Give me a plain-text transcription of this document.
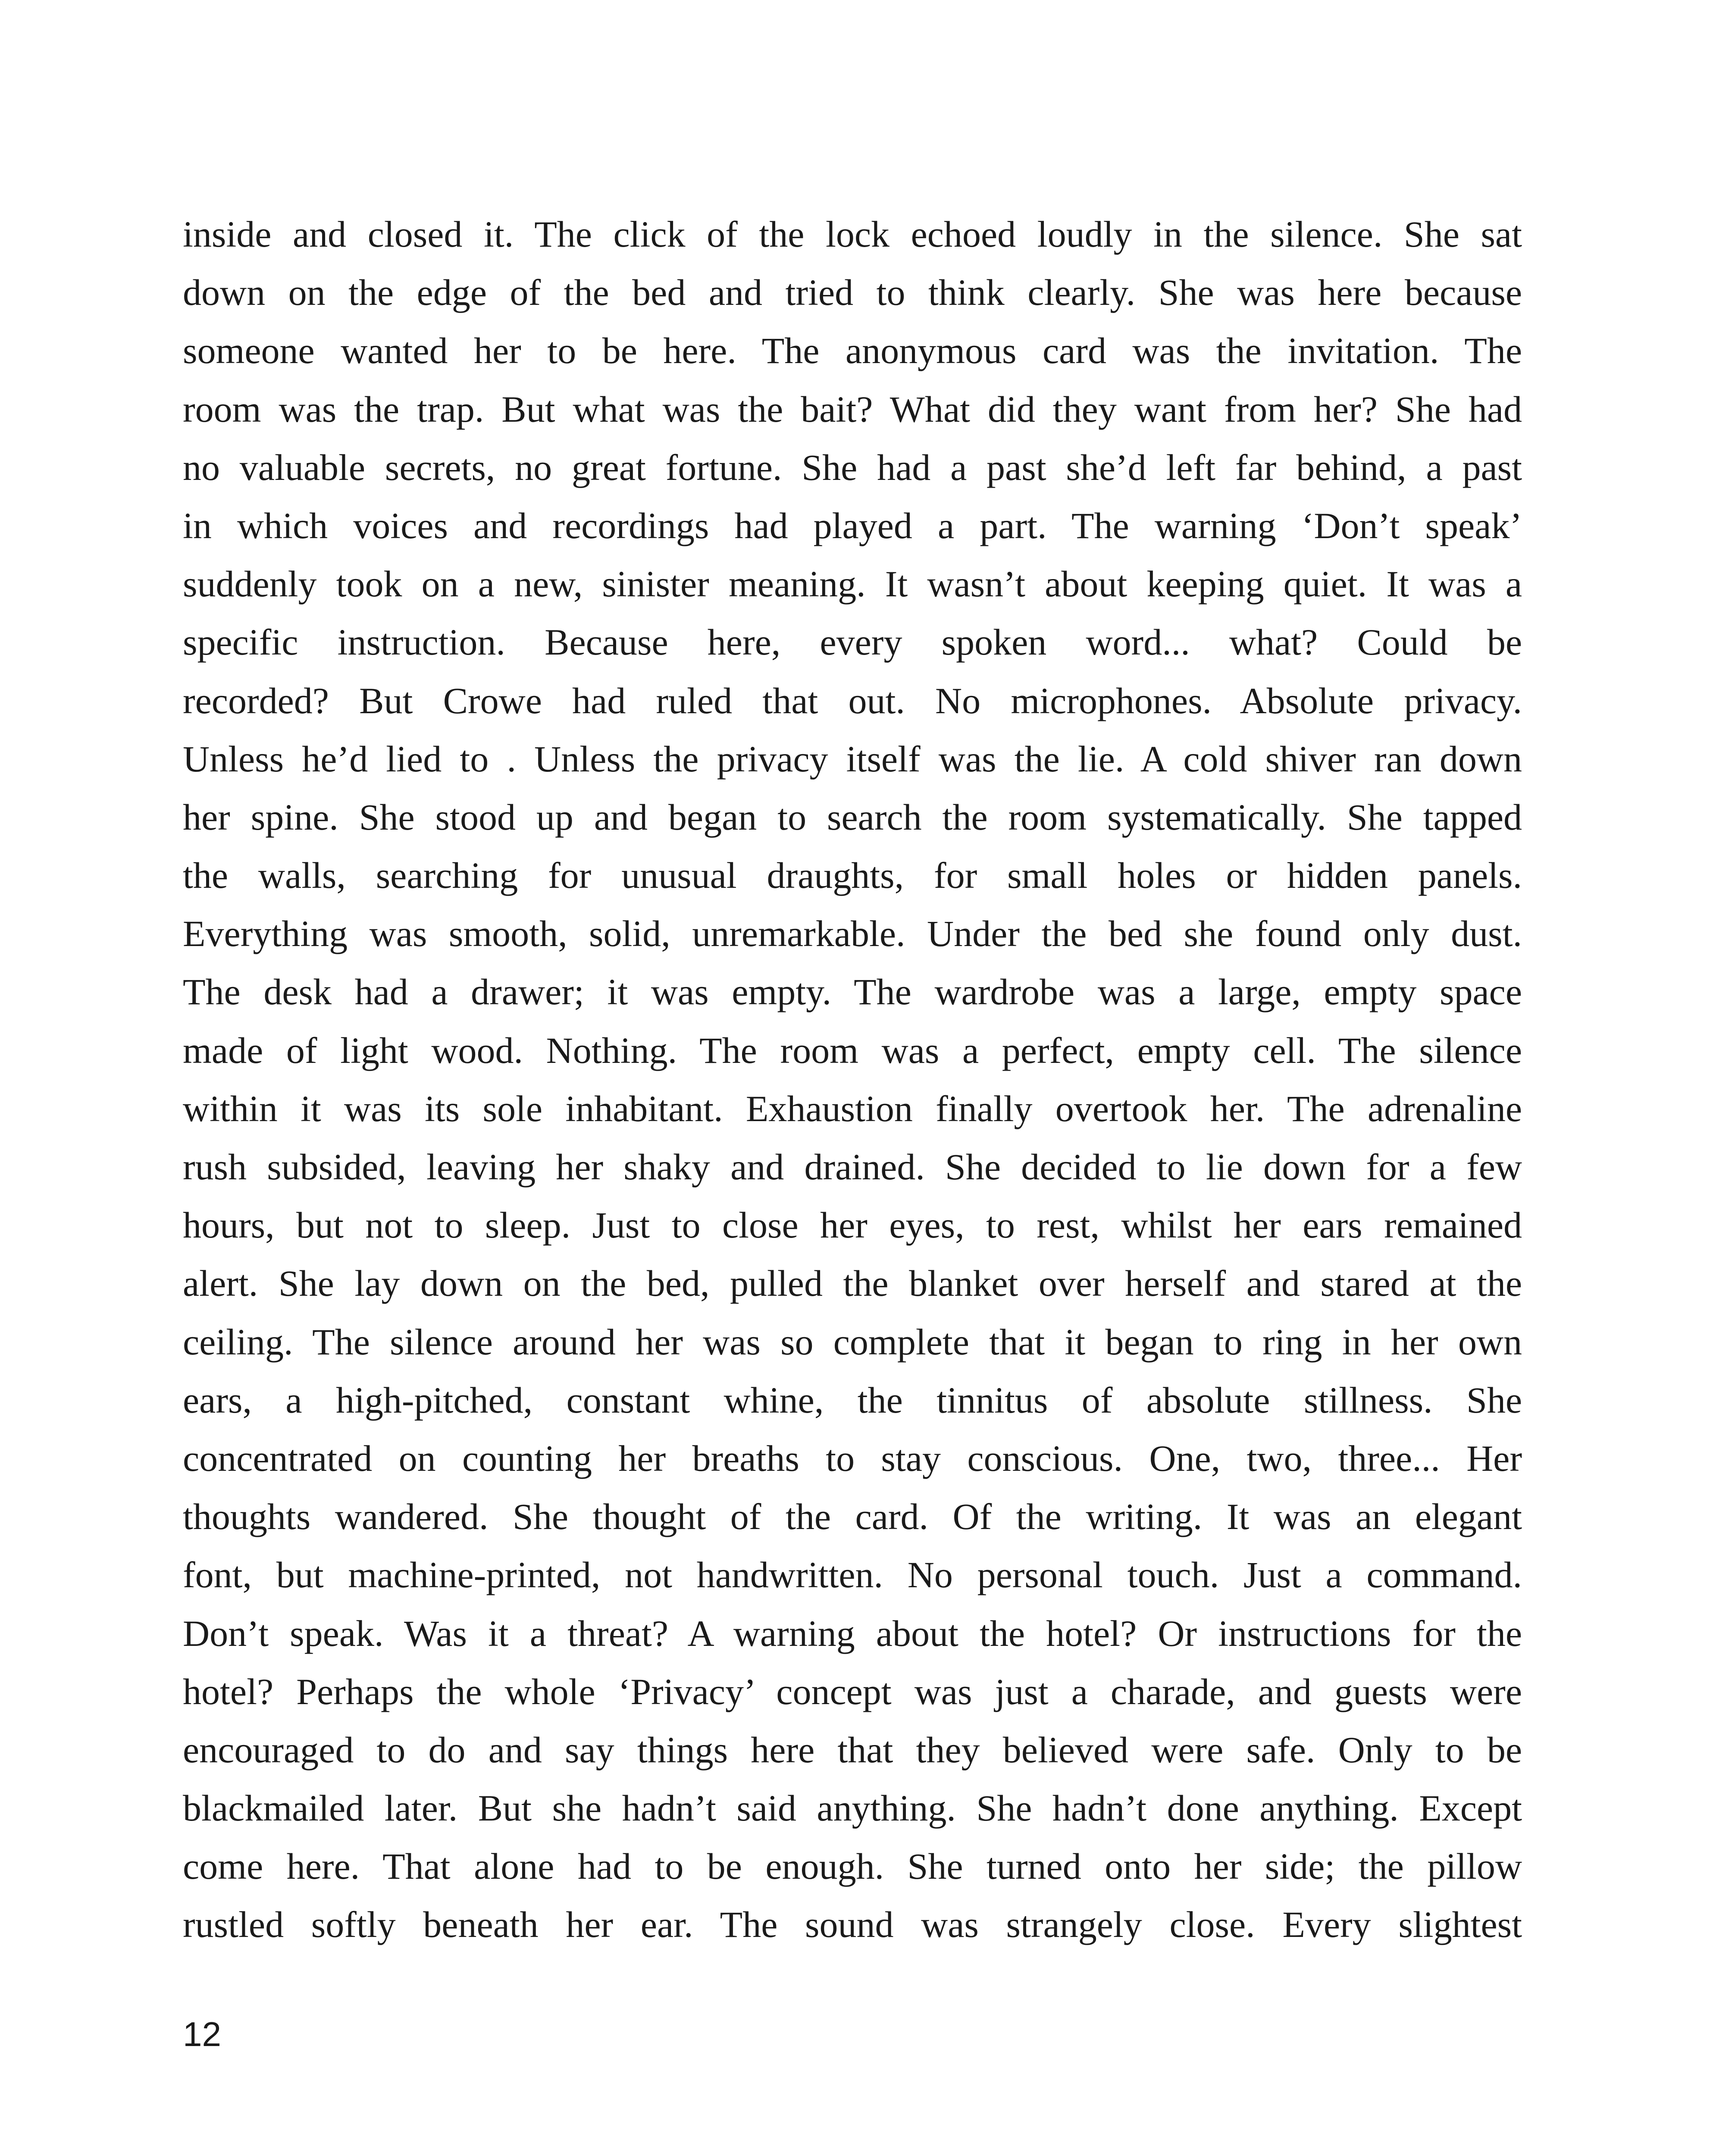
inside and closed it. The click of the lock echoed loudly in the silence. She sat
down on the edge of the bed and tried to think clearly. She was here because
someone wanted her to be here. The anonymous card was the invitation. The
room was the trap. But what was the bait? What did they want from her? She had
no valuable secrets, no great fortune. She had a past she’d left far behind, a past
in which voices and recordings had played a part. The warning ‘Don’t speak’
suddenly took on a new, sinister meaning. It wasn’t about keeping quiet. It was a
specific instruction. Because here, every spoken word... what? Could be
recorded? But Crowe had ruled that out. No microphones. Absolute privacy.
Unless he’d lied to . Unless the privacy itself was the lie. A cold shiver ran down
her spine. She stood up and began to search the room systematically. She tapped
the walls, searching for unusual draughts, for small holes or hidden panels.
Everything was smooth, solid, unremarkable. Under the bed she found only dust.
The desk had a drawer; it was empty. The wardrobe was a large, empty space
made of light wood. Nothing. The room was a perfect, empty cell. The silence
within it was its sole inhabitant. Exhaustion finally overtook her. The adrenaline
rush subsided, leaving her shaky and drained. She decided to lie down for a few
hours, but not to sleep. Just to close her eyes, to rest, whilst her ears remained
alert. She lay down on the bed, pulled the blanket over herself and stared at the
ceiling. The silence around her was so complete that it began to ring in her own
ears, a high-pitched, constant whine, the tinnitus of absolute stillness. She
concentrated on counting her breaths to stay conscious. One, two, three... Her
thoughts wandered. She thought of the card. Of the writing. It was an elegant
font, but machine-printed, not handwritten. No personal touch. Just a command.
Don’t speak. Was it a threat? A warning about the hotel? Or instructions for the
hotel? Perhaps the whole ‘Privacy’ concept was just a charade, and guests were
encouraged to do and say things here that they believed were safe. Only to be
blackmailed later. But she hadn’t said anything. She hadn’t done anything. Except
come here. That alone had to be enough. She turned onto her side; the pillow
rustled softly beneath her ear. The sound was strangely close. Every slightest
12
